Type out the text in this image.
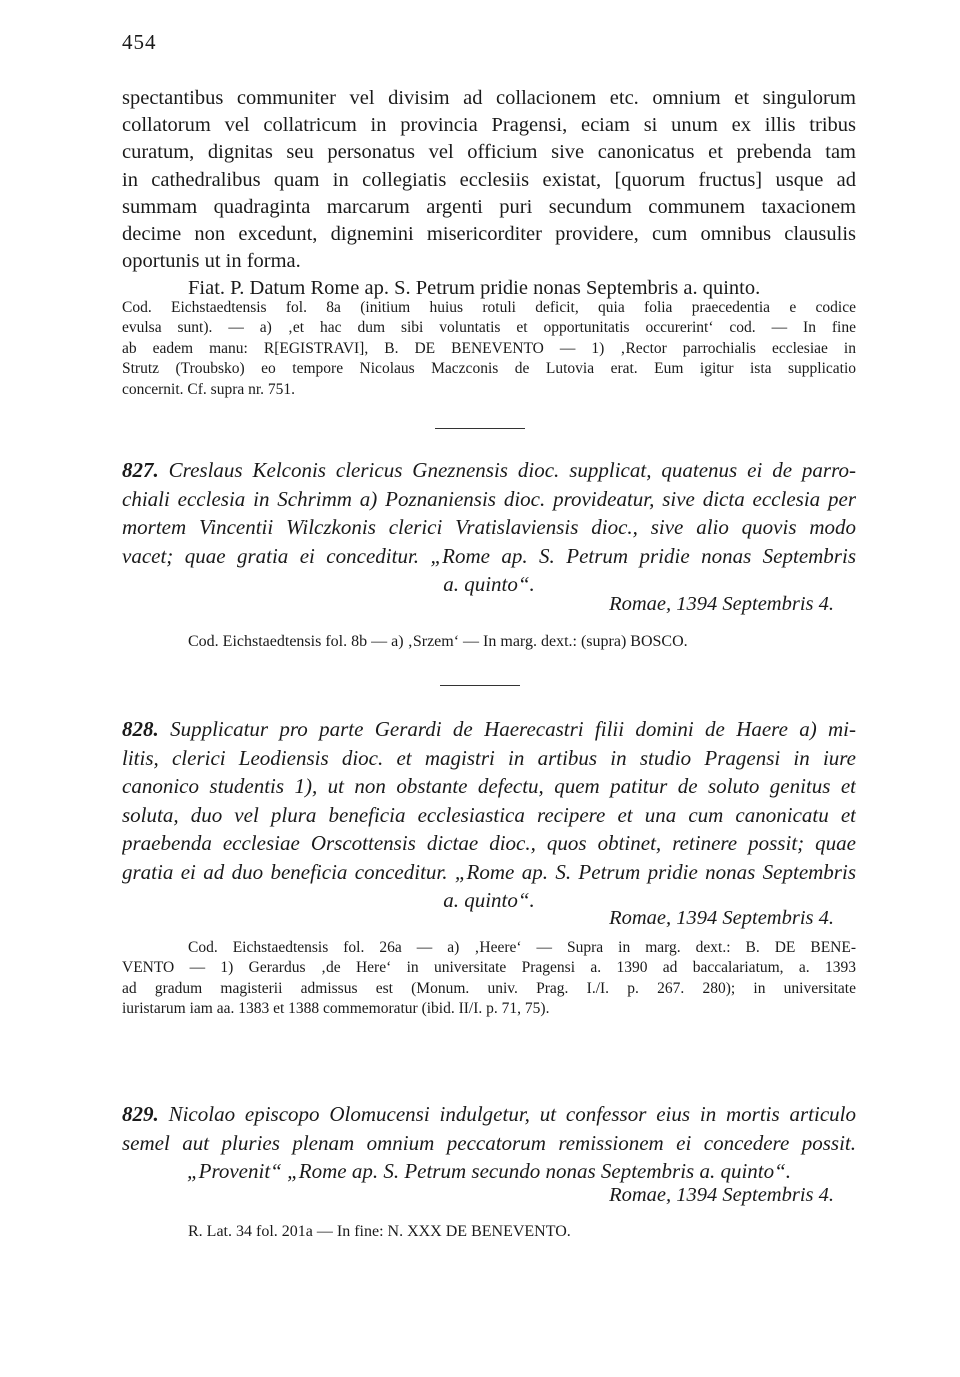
454
spectantibus communiter vel divisim ad collacionem etc. omnium et singulorum
collatorum vel collatricum in provincia Pragensi, eciam si unum ex illis tribus
curatum, dignitas seu personatus vel officium sive canonicatus et prebenda tam
in cathedralibus quam in collegiatis ecclesiis existat, [quorum fructus] usque ad
summam quadraginta marcarum argenti puri secundum communem taxacionem
decime non excedunt, dignemini misericorditer providere, cum omnibus clausulis
oportunis ut in forma.
Fiat. P. Datum Rome ap. S. Petrum pridie nonas Septembris a. quinto.
Cod. Eichstaedtensis fol. 8a (initium huius rotuli deficit, quia folia praecedentia e codice
evulsa sunt). — a) ‚et hac dum sibi voluntatis et opportunitatis occurerint‘ cod. — In fine
ab eadem manu: R[EGISTRAVI], B. DE BENEVENTO — 1) ‚Rector parrochialis ecclesiae in
Strutz (Troubsko) eo tempore Nicolaus Maczconis de Lutovia erat. Eum igitur ista supplicatio
concernit. Cf. supra nr. 751.
827. Creslaus Kelconis clericus Gneznensis dioc. supplicat, quatenus ei de parro-
chiali ecclesia in Schrimm a) Poznaniensis dioc. provideatur, sive dicta ecclesia per
mortem Vincentii Wilczkonis clerici Vratislaviensis dioc., sive alio quovis modo
vacet; quae gratia ei conceditur. „Rome ap. S. Petrum pridie nonas Septembris
a. quinto“.
Romae, 1394 Septembris 4.
Cod. Eichstaedtensis fol. 8b — a) ‚Srzem‘ — In marg. dext.: (supra) BOSCO.
828. Supplicatur pro parte Gerardi de Haerecastri filii domini de Haere a) mi-
litis, clerici Leodiensis dioc. et magistri in artibus in studio Pragensi in iure
canonico studentis 1), ut non obstante defectu, quem patitur de soluto genitus et
soluta, duo vel plura beneficia ecclesiastica recipere et una cum canonicatu et
praebenda ecclesiae Orscottensis dictae dioc., quos obtinet, retinere possit; quae
gratia ei ad duo beneficia conceditur. „Rome ap. S. Petrum pridie nonas Septembris
a. quinto“.
Romae, 1394 Septembris 4.
Cod. Eichstaedtensis fol. 26a — a) ‚Heere‘ — Supra in marg. dext.: B. DE BENE-
VENTO — 1) Gerardus ‚de Here‘ in universitate Pragensi a. 1390 ad baccalariatum, a. 1393
ad gradum magisterii admissus est (Monum. univ. Prag. I./I. p. 267. 280); in universitate
iuristarum iam aa. 1383 et 1388 commemoratur (ibid. II/I. p. 71, 75).
829. Nicolao episcopo Olomucensi indulgetur, ut confessor eius in mortis articulo
semel aut pluries plenam omnium peccatorum remissionem ei concedere possit.
„Provenit“ „Rome ap. S. Petrum secundo nonas Septembris a. quinto“.
Romae, 1394 Septembris 4.
R. Lat. 34 fol. 201a — In fine: N. XXX DE BENEVENTO.
